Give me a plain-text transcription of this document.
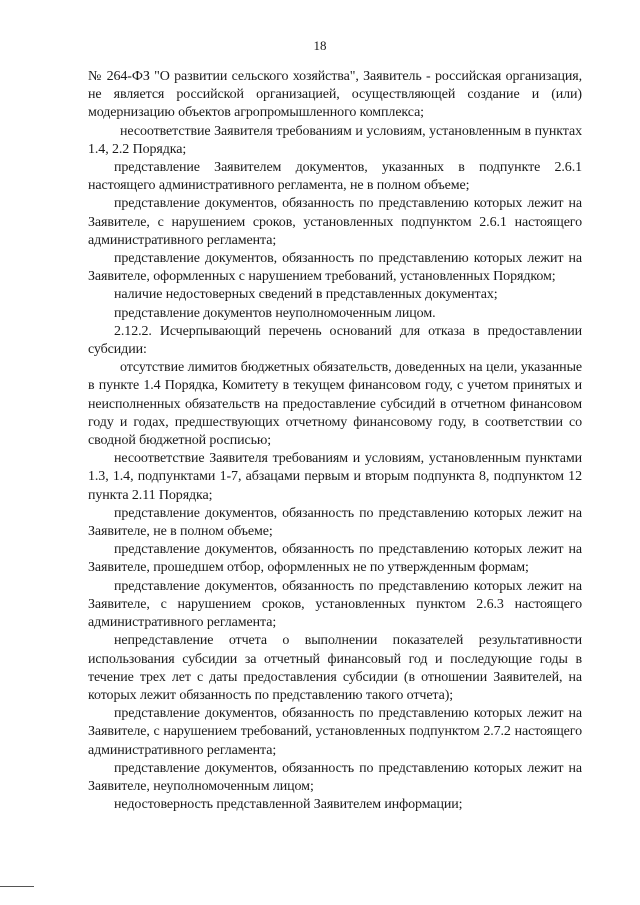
18

№ 264-ФЗ "О развитии сельского хозяйства", Заявитель - российская организация, не является российской организацией, осуществляющей создание и (или) модернизацию объектов агропромышленного комплекса;

несоответствие Заявителя требованиям и условиям, установленным в пунктах 1.4, 2.2 Порядка;

представление Заявителем документов, указанных в подпункте 2.6.1 настоящего административного регламента, не в полном объеме;

представление документов, обязанность по представлению которых лежит на Заявителе, с нарушением сроков, установленных подпунктом 2.6.1 настоящего административного регламента;

представление документов, обязанность по представлению которых лежит на Заявителе, оформленных с нарушением требований, установленных Порядком;

наличие недостоверных сведений в представленных документах;

представление документов неуполномоченным лицом.

2.12.2. Исчерпывающий перечень оснований для отказа в предоставлении субсидии:

отсутствие лимитов бюджетных обязательств, доведенных на цели, указанные в пункте 1.4 Порядка, Комитету в текущем финансовом году, с учетом принятых и неисполненных обязательств на предоставление субсидий в отчетном финансовом году и годах, предшествующих отчетному финансовому году, в соответствии со сводной бюджетной росписью;

несоответствие Заявителя требованиям и условиям, установленным пунктами 1.3, 1.4, подпунктами 1-7, абзацами первым и вторым подпункта 8, подпунктом 12 пункта 2.11 Порядка;

представление документов, обязанность по представлению которых лежит на Заявителе, не в полном объеме;

представление документов, обязанность по представлению которых лежит на Заявителе, прошедшем отбор, оформленных не по утвержденным формам;

представление документов, обязанность по представлению которых лежит на Заявителе, с нарушением сроков, установленных пунктом 2.6.3 настоящего административного регламента;

непредставление отчета о выполнении показателей результативности использования субсидии за отчетный финансовый год и последующие годы в течение трех лет с даты предоставления субсидии (в отношении Заявителей, на которых лежит обязанность по представлению такого отчета);

представление документов, обязанность по представлению которых лежит на Заявителе, с нарушением требований, установленных подпунктом 2.7.2 настоящего административного регламента;

представление документов, обязанность по представлению которых лежит на Заявителе, неуполномоченным лицом;

недостоверность представленной Заявителем информации;
